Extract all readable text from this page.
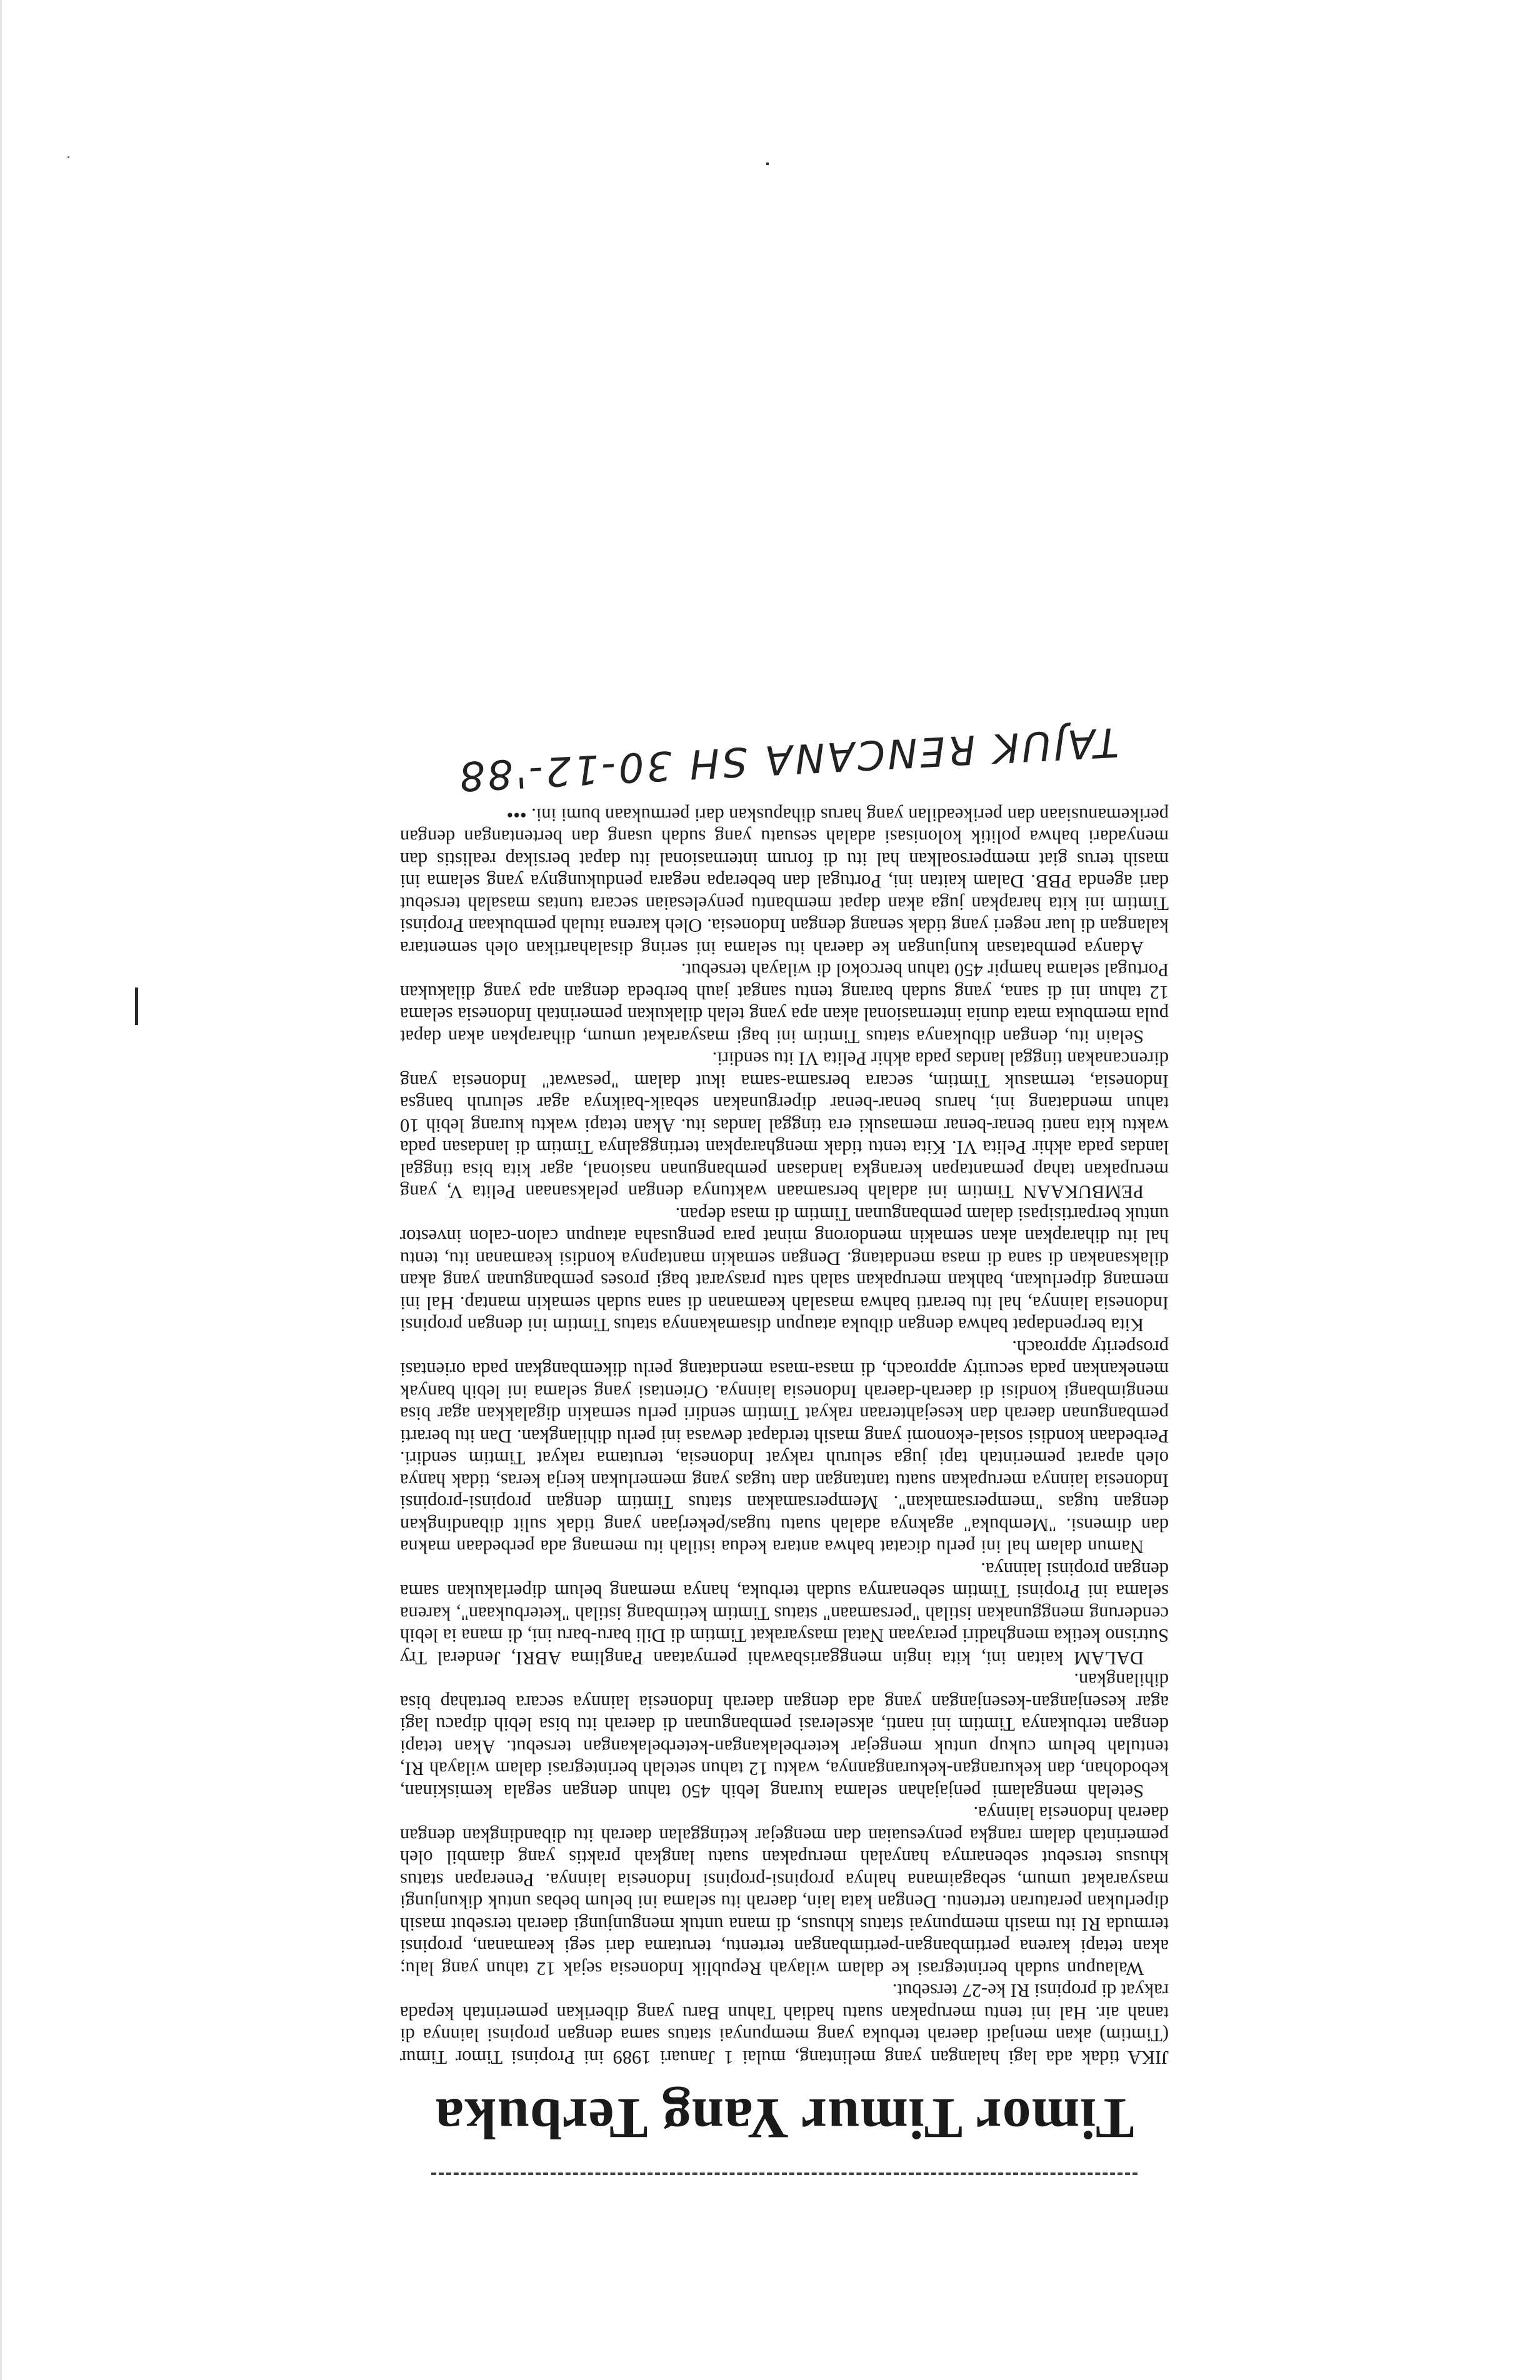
Timor Timur Yang Terbuka

JIKA tidak ada lagi halangan yang melintang, mulai 1 Januari 1989 ini Propinsi Timor Timur (Timtim) akan menjadi daerah terbuka yang mempunyai status sama dengan propinsi lainnya di tanah air. Hal ini tentu merupakan suatu hadiah Tahun Baru yang diberikan pemerintah kepada rakyat di propinsi RI ke-27 tersebut.

Walaupun sudah berintegrasi ke dalam wilayah Republik Indonesia sejak 12 tahun yang lalu; akan tetapi karena pertimbangan-pertimbangan tertentu, terutama dari segi keamanan, propinsi termuda RI itu masih mempunyai status khusus, di mana untuk mengunjungi daerah tersebut masih diperlukan peraturan tertentu. Dengan kata lain, daerah itu selama ini belum bebas untuk dikunjungi masyarakat umum, sebagaimana halnya propinsi-propinsi Indonesia lainnya. Penerapan status khusus tersebut sebenarnya hanyalah merupakan suatu langkah praktis yang diambil oleh pemerintah dalam rangka penyesuaian dan mengejar ketinggalan daerah itu dibandingkan dengan daerah Indonesia lainnya.

Setelah mengalami penjajahan selama kurang lebih 450 tahun dengan segala kemiskinan, kebodohan, dan kekurangan-kekurangannya, waktu 12 tahun setelah berintegrasi dalam wilayah RI, tentulah belum cukup untuk mengejar keterbelakangan-keterbelakangan tersebut. Akan tetapi dengan terbukanya Timtim ini nanti, akselerasi pembangunan di daerah itu bisa lebih dipacu lagi agar kesenjangan-kesenjangan yang ada dengan daerah Indonesia lainnya secara bertahap bisa dihilangkan.

DALAM kaitan ini, kita ingin menggarisbawahi pernyataan Panglima ABRI, Jenderal Try Sutrisno ketika menghadiri perayaan Natal masyarakat Timtim di Dili baru-baru ini, di mana ia lebih cenderung menggunakan istilah "persamaan" status Timtim ketimbang istilah "keterbukaan", karena selama ini Propinsi Timtim sebenarnya sudah terbuka, hanya memang belum diperlakukan sama dengan propinsi lainnya.

Namun dalam hal ini perlu dicatat bahwa antara kedua istilah itu memang ada perbedaan makna dan dimensi. "Membuka" agaknya adalah suatu tugas/pekerjaan yang tidak sulit dibandingkan dengan tugas "mempersamakan". Mempersamakan status Timtim dengan propinsi-propinsi Indonesia lainnya merupakan suatu tantangan dan tugas yang memerlukan kerja keras, tidak hanya oleh aparat pemerintah tapi juga seluruh rakyat Indonesia, terutama rakyat Timtim sendiri. Perbedaan kondisi sosial-ekonomi yang masih terdapat dewasa ini perlu dihilangkan. Dan itu berarti pembangunan daerah dan kesejahteraan rakyat Timtim sendiri perlu semakin digalakkan agar bisa mengimbangi kondisi di daerah-daerah Indonesia lainnya. Orientasi yang selama ini lebih banyak menekankan pada security approach, di masa-masa mendatang perlu dikembangkan pada orientasi prosperity approach.

Kita berpendapat bahwa dengan dibuka ataupun disamakannya status Timtim ini dengan propinsi Indonesia lainnya, hal itu berarti bahwa masalah keamanan di sana sudah semakin mantap. Hal ini memang diperlukan, bahkan merupakan salah satu prasyarat bagi proses pembangunan yang akan dilaksanakan di sana di masa mendatang. Dengan semakin mantapnya kondisi keamanan itu, tentu hal itu diharapkan akan semakin mendorong minat para pengusaha ataupun calon-calon investor untuk berpartisipasi dalam pembangunan Timtim di masa depan.

PEMBUKAAN Timtim ini adalah bersamaan waktunya dengan pelaksanaan Pelita V, yang merupakan tahap pemantapan kerangka landasan pembangunan nasional, agar kita bisa tinggal landas pada akhir Pelita VI. Kita tentu tidak mengharapkan tertinggalnya Timtim di landasan pada waktu kita nanti benar-benar memasuki era tinggal landas itu. Akan tetapi waktu kurang lebih 10 tahun mendatang ini, harus benar-benar dipergunakan sebaik-baiknya agar seluruh bangsa Indonesia, termasuk Timtim, secara bersama-sama ikut dalam "pesawat" Indonesia yang direncanakan tinggal landas pada akhir Pelita VI itu sendiri.

Selain itu, dengan dibukanya status Timtim ini bagi masyarakat umum, diharapkan akan dapat pula membuka mata dunia internasional akan apa yang telah dilakukan pemerintah Indonesia selama 12 tahun ini di sana, yang sudah barang tentu sangat jauh berbeda dengan apa yang dilakukan Portugal selama hampir 450 tahun bercokol di wilayah tersebut.

Adanya pembatasan kunjungan ke daerah itu selama ini sering disalahartikan oleh sementara kalangan di luar negeri yang tidak senang dengan Indonesia. Oleh karena itulah pembukaan Propinsi Timtim ini kita harapkan juga akan dapat membantu penyelesaian secara tuntas masalah tersebut dari agenda PBB. Dalam kaitan ini, Portugal dan beberapa negara pendukungnya yang selama ini masih terus giat mempersoalkan hal itu di forum internasional itu dapat bersikap realistis dan menyadari bahwa politik kolonisasi adalah sesuatu yang sudah usang dan bertentangan dengan perikemanusiaan dan perikeadilan yang harus dihapuskan dari permukaan bumi ini. •••

TAJUK RENCANA SH 30-12-'88
